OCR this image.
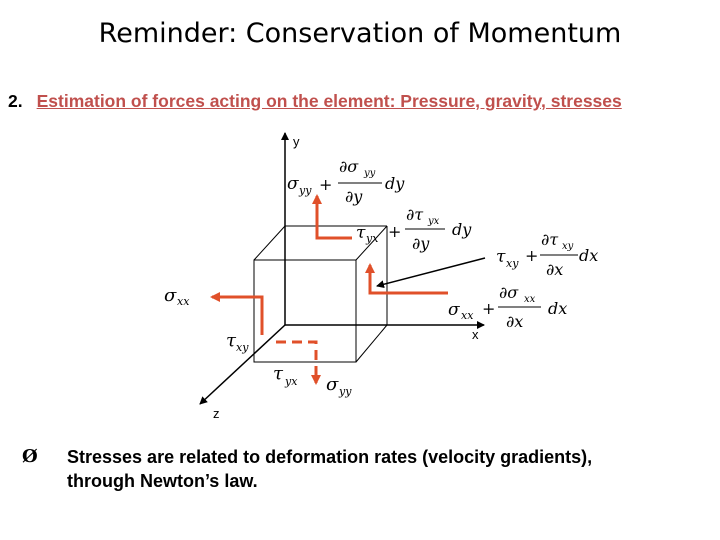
Reminder: Conservation of Momentum
2. Estimation of forces acting on the element: Pressure, gravity, stresses
y
x
z
σ yy +
∂σ yy
∂y
dy
τ yx +
∂τ yx
∂y
dy
τ xy +
∂τ xy
∂x
dx
σ xx +
∂σ xx
∂x
dx
σ xx
τ xy
τ yx σ yy
Ø	Stresses are related to deformation rates (velocity gradients),
through Newton’s law.
